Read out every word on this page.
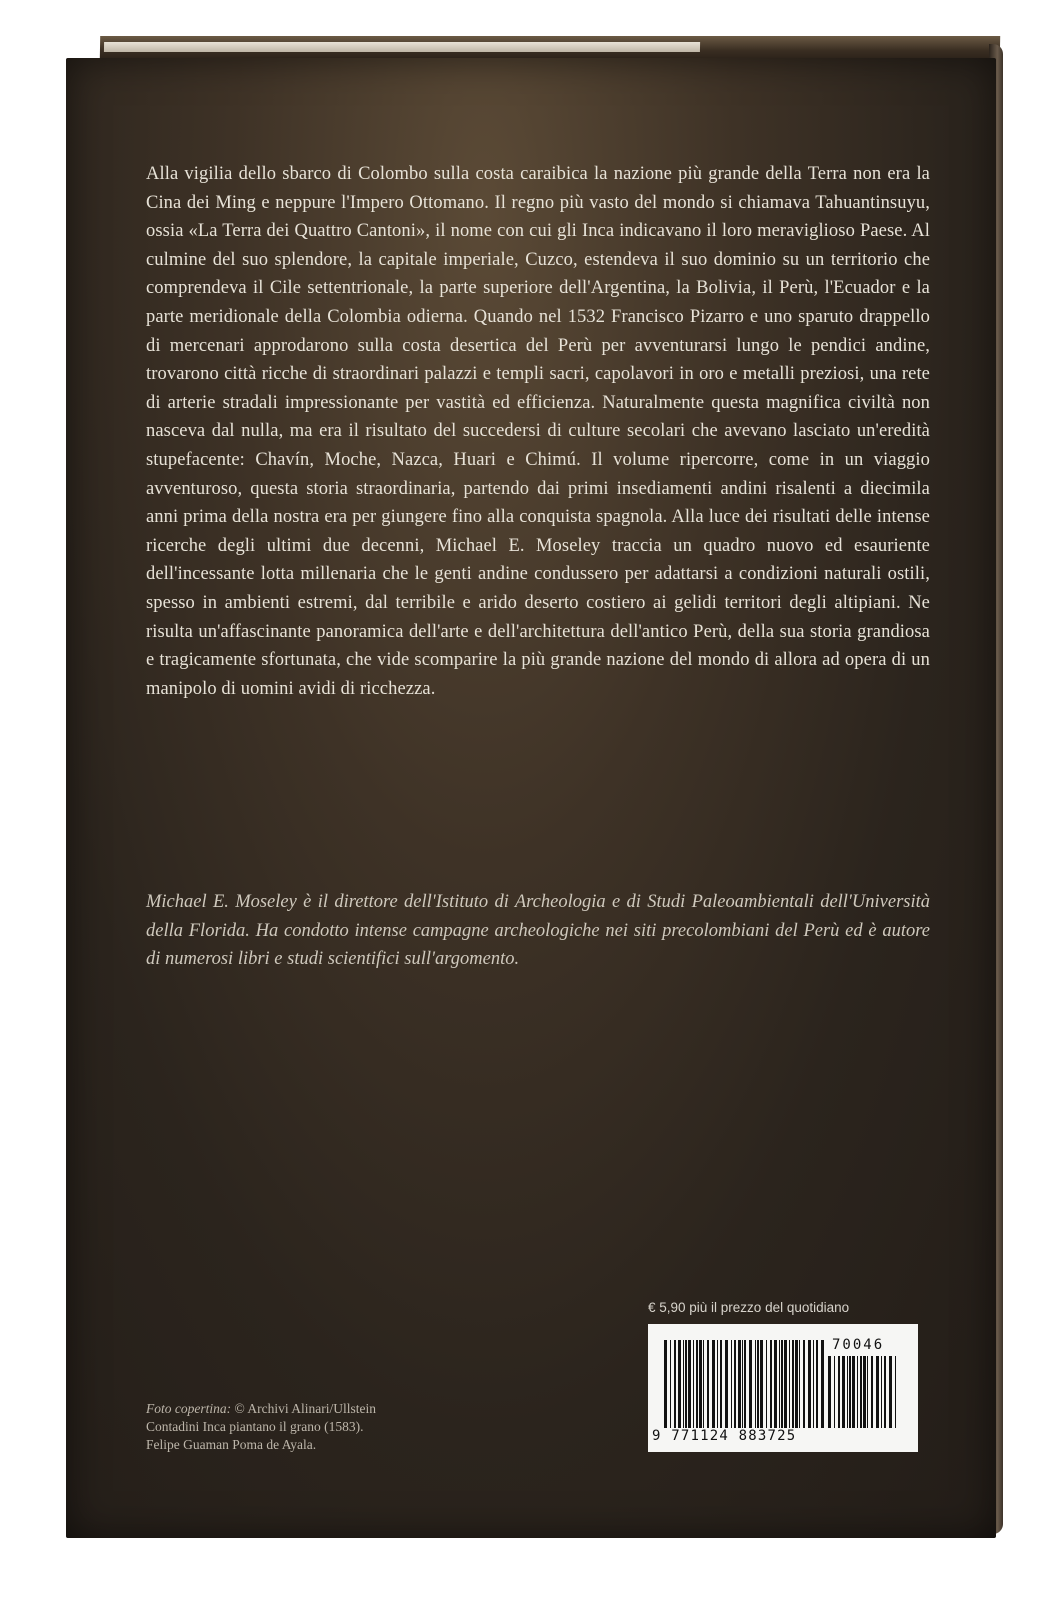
Alla vigilia dello sbarco di Colombo sulla costa caraibica la nazione più grande della Terra non era la Cina dei Ming e neppure l'Impero Ottomano. Il regno più vasto del mondo si chiamava Tahuantinsuyu, ossia «La Terra dei Quattro Cantoni», il nome con cui gli Inca indicavano il loro meraviglioso Paese. Al culmine del suo splendore, la capitale imperiale, Cuzco, estendeva il suo dominio su un territorio che comprendeva il Cile settentrionale, la parte superiore dell'Argentina, la Bolivia, il Perù, l'Ecuador e la parte meridionale della Colombia odierna. Quando nel 1532 Francisco Pizarro e uno sparuto drappello di mercenari approdarono sulla costa desertica del Perù per avventurarsi lungo le pendici andine, trovarono città ricche di straordinari palazzi e templi sacri, capolavori in oro e metalli preziosi, una rete di arterie stradali impressionante per vastità ed efficienza. Naturalmente questa magnifica civiltà non nasceva dal nulla, ma era il risultato del succedersi di culture secolari che avevano lasciato un'eredità stupefacente: Chavín, Moche, Nazca, Huari e Chimú. Il volume ripercorre, come in un viaggio avventuroso, questa storia straordinaria, partendo dai primi insediamenti andini risalenti a diecimila anni prima della nostra era per giungere fino alla conquista spagnola. Alla luce dei risultati delle intense ricerche degli ultimi due decenni, Michael E. Moseley traccia un quadro nuovo ed esauriente dell'incessante lotta millenaria che le genti andine condussero per adattarsi a condizioni naturali ostili, spesso in ambienti estremi, dal terribile e arido deserto costiero ai gelidi territori degli altipiani. Ne risulta un'affascinante panoramica dell'arte e dell'architettura dell'antico Perù, della sua storia grandiosa e tragicamente sfortunata, che vide scomparire la più grande nazione del mondo di allora ad opera di un manipolo di uomini avidi di ricchezza.

Michael E. Moseley è il direttore dell'Istituto di Archeologia e di Studi Paleoambientali dell'Università della Florida. Ha condotto intense campagne archeologiche nei siti precolombiani del Perù ed è autore di numerosi libri e studi scientifici sull'argomento.

Foto copertina: © Archivi Alinari/Ullstein
Contadini Inca piantano il grano (1583).
Felipe Guaman Poma de Ayala.
€ 5,90 più il prezzo del quotidiano
70046
9 771124 883725
